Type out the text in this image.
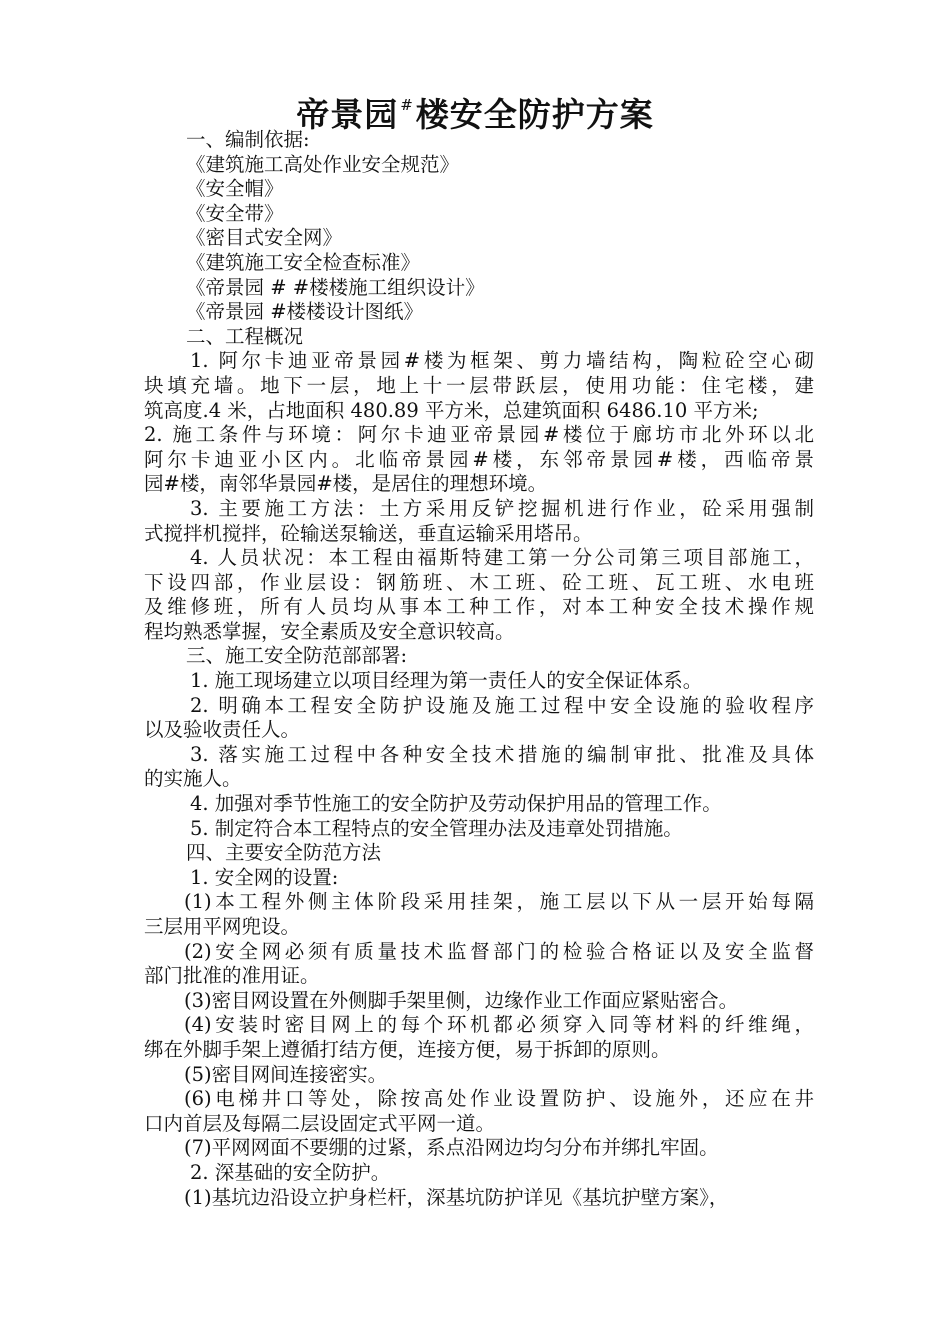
帝景园 #楼安全防护方案
一、编制依据:
《建筑施工高处作业安全规范》
《安全帽》
《安全带》
《密目式安全网》
《建筑施工安全检查标准》
《帝景园 # #楼楼施工组织设计》
《帝景园 #楼楼设计图纸》
二、工程概况
1. 阿尔卡迪亚帝景园#楼为框架、剪力墙结构，陶粒砼空心砌
块填充墙。地下一层，地上十一层带跃层，使用功能：住宅楼，建
筑高度.4 米，占地面积 480.89 平方米，总建筑面积 6486.10 平方米;
2. 施工条件与环境：阿尔卡迪亚帝景园#楼位于廊坊市北外环以北
阿尔卡迪亚小区内。北临帝景园#楼，东邻帝景园#楼，西临帝景
园#楼，南邻华景园#楼，是居住的理想环境。
3. 主要施工方法：土方采用反铲挖掘机进行作业，砼采用强制
式搅拌机搅拌，砼输送泵输送，垂直运输采用塔吊。
4. 人员状况：本工程由福斯特建工第一分公司第三项目部施工，
下设四部，作业层设：钢筋班、木工班、砼工班、瓦工班、水电班
及维修班，所有人员均从事本工种工作，对本工种安全技术操作规
程均熟悉掌握，安全素质及安全意识较高。
三、施工安全防范部部署:
1. 施工现场建立以项目经理为第一责任人的安全保证体系。
2. 明确本工程安全防护设施及施工过程中安全设施的验收程序
以及验收责任人。
3. 落实施工过程中各种安全技术措施的编制审批、批准及具体
的实施人。
4. 加强对季节性施工的安全防护及劳动保护用品的管理工作。
5. 制定符合本工程特点的安全管理办法及违章处罚措施。
四、主要安全防范方法
1. 安全网的设置:
(1)本工程外侧主体阶段采用挂架，施工层以下从一层开始每隔
三层用平网兜设。
(2)安全网必须有质量技术监督部门的检验合格证以及安全监督
部门批准的准用证。
(3)密目网设置在外侧脚手架里侧，边缘作业工作面应紧贴密合。
(4)安装时密目网上的每个环机都必须穿入同等材料的纤维绳，
绑在外脚手架上遵循打结方便，连接方便，易于拆卸的原则。
(5)密目网间连接密实。
(6)电梯井口等处，除按高处作业设置防护、设施外，还应在井
口内首层及每隔二层设固定式平网一道。
(7)平网网面不要绷的过紧，系点沿网边均匀分布并绑扎牢固。
2. 深基础的安全防护。
(1)基坑边沿设立护身栏杆，深基坑防护详见《基坑护壁方案》，
